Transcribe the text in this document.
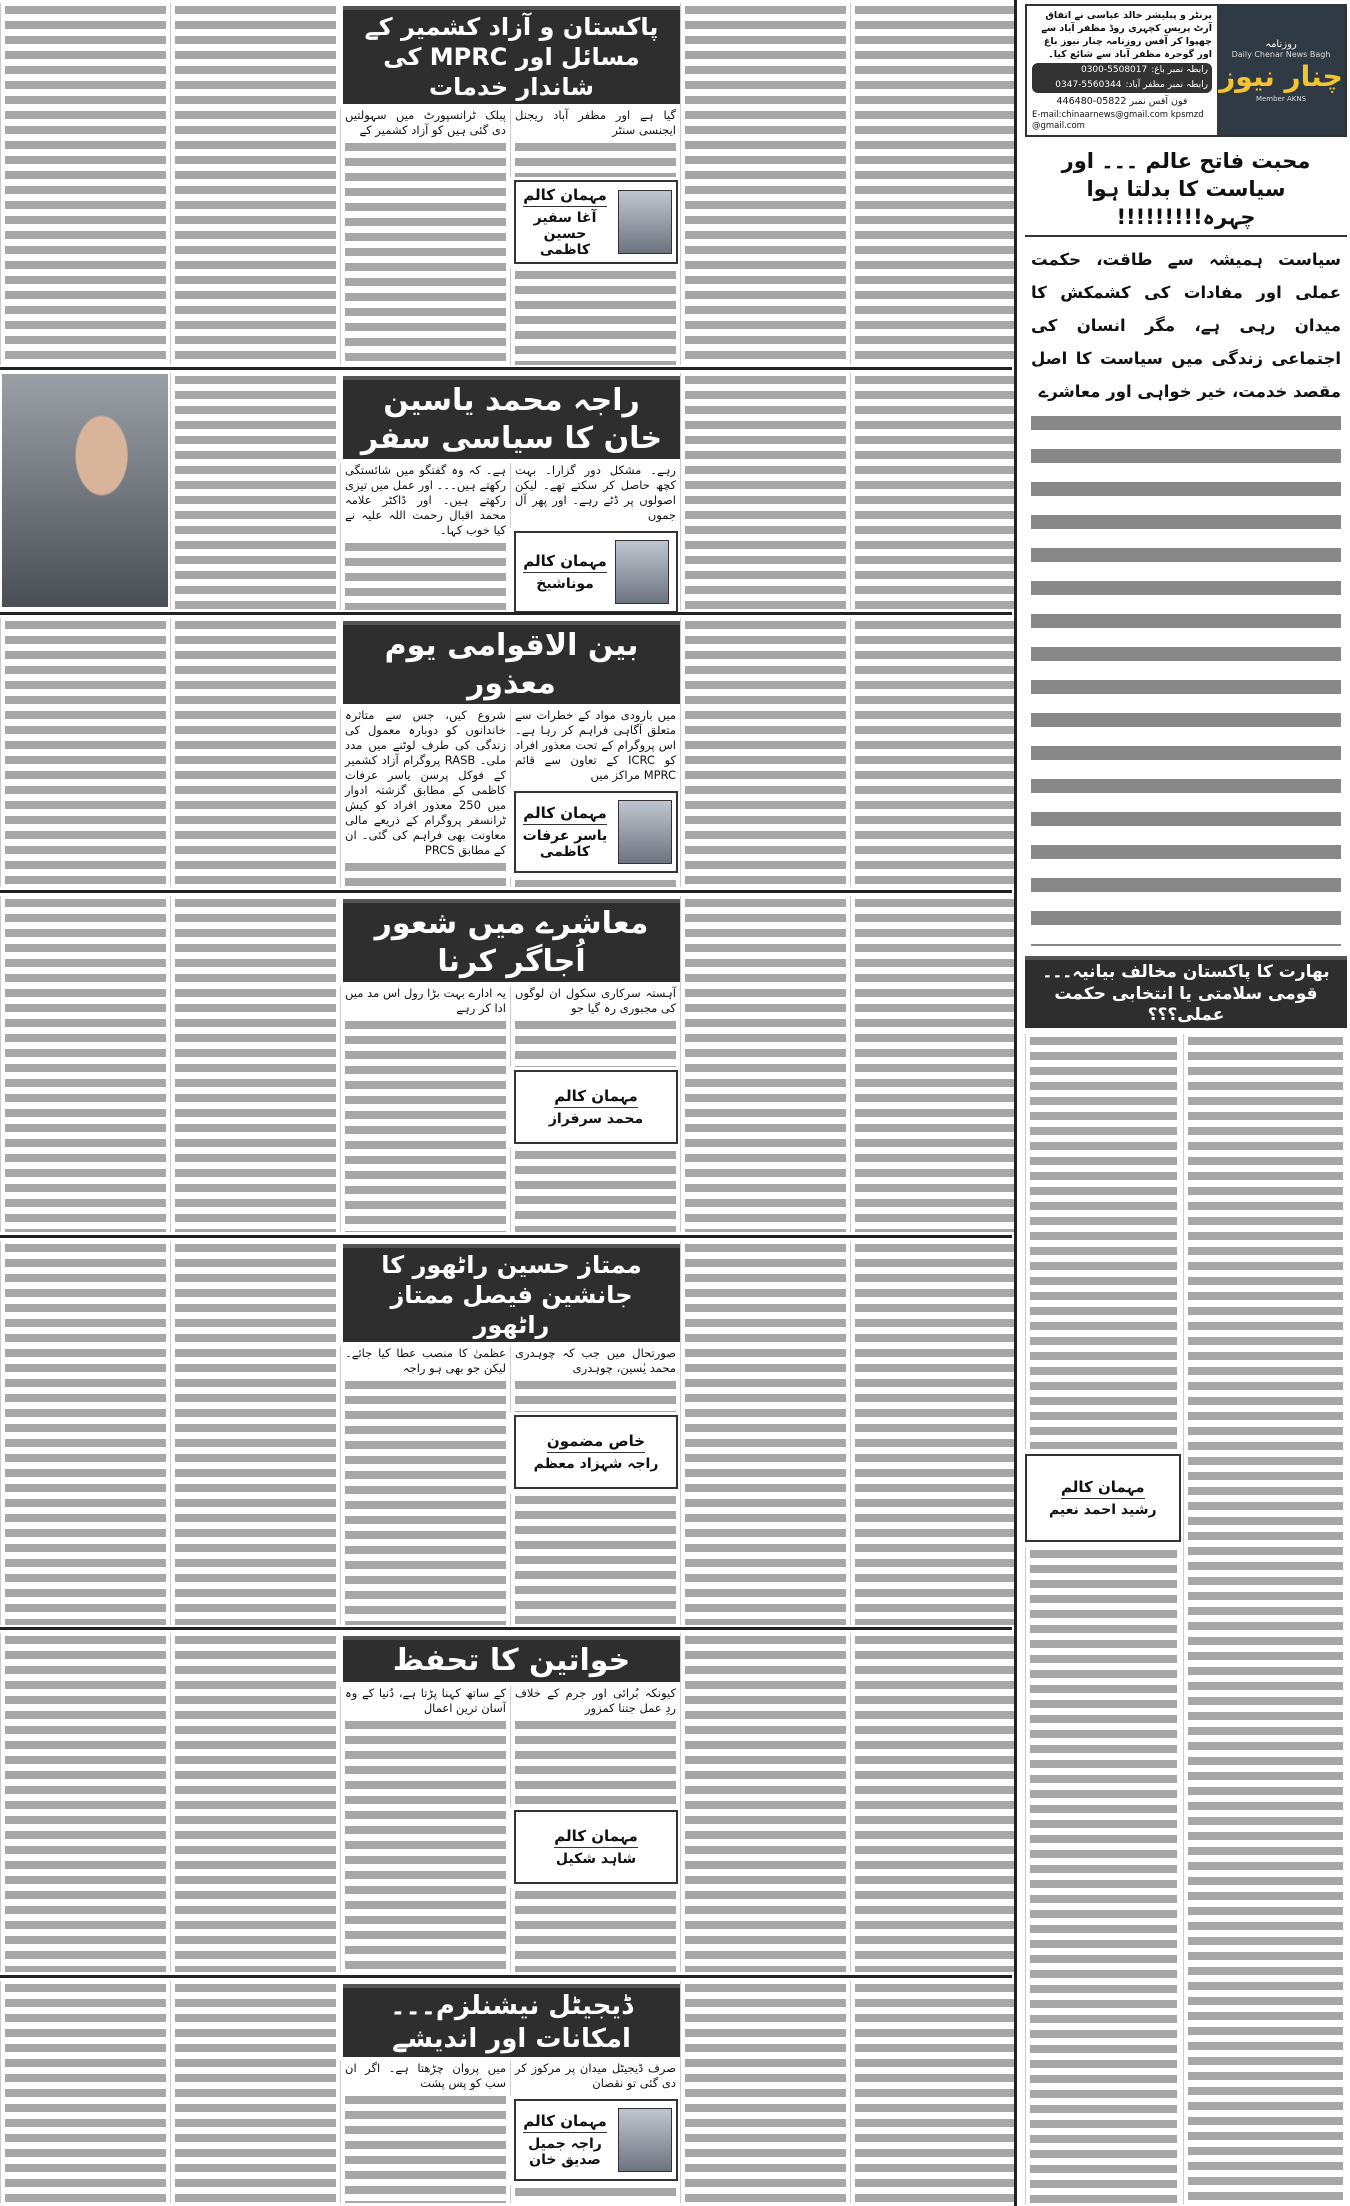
پرنٹر و پبلیشر خالد عباسی نے اتفاق آرٹ پریس کچہری روڈ مظفر آباد سے چھپوا کر آفس روزنامہ چنار نیوز باغ اور گوجرہ مظفر آباد سے شائع کیا۔
رابطہ نمبر باغ:
0300-5508017
رابطہ نمبر مظفر آباد:
0347-5560344
فون آفس نمبر 05822-446480
E-mail:chinaarnews@gmail.com kpsmzd@gmail.com
روزنامہ
Daily Chenar News Bagh
چنار نیوز
Member AKNS
محبت فاتح عالم ۔۔۔ اور سیاست کا بدلتا ہوا چہرہ!!!!!!!!!

سیاست ہمیشہ سے طاقت، حکمت عملی اور مفادات کی کشمکش کا میدان رہی ہے، مگر انسان کی اجتماعی زندگی میں سیاست کا اصل مقصد خدمت، خیر خواہی اور معاشرے

بھارت کا پاکستان مخالف بیانیہ۔۔۔ قومی سلامتی یا انتخابی حکمت عملی؟؟؟
مہمان کالم
رشید احمد نعیم
پاکستان و آزاد کشمیر کے مسائل اور MPRC کی شاندار خدمات

گیا ہے اور مظفر آباد ریجنل ایجنسی سنٹر

مہمان کالم
آغا سفیر حسین کاظمی

پبلک ٹرانسپورٹ میں سہولتیں دی گئی ہیں کو آزاد کشمیر کے

راجہ محمد یاسین خان کا سیاسی سفر

رہے۔ مشکل دور گزارا۔ بہت کچھ حاصل کر سکتے تھے۔ لیکن اصولوں پر ڈٹے رہے۔ اور پھر آل جموں

مہمان کالم
موناشیخ

ہے۔ کہ وہ گفتگو میں شائستگی رکھتے ہیں۔۔۔ اور عمل میں تیزی رکھتے ہیں۔ اور ڈاکٹر علامہ محمد اقبال رحمت اللہ علیہ نے کیا خوب کہا۔

بین الاقوامی یوم معذور

میں بارودی مواد کے خطرات سے متعلق آگاہی فراہم کر رہا ہے۔ اس پروگرام کے تحت معذور افراد کو ICRC کے تعاون سے قائم MPRC مراکز میں

مہمان کالم
یاسر عرفات کاظمی

شروع کیں، جس سے متاثرہ خاندانوں کو دوبارہ معمول کی زندگی کی طرف لوٹنے میں مدد ملی۔ RASB پروگرام آزاد کشمیر کے فوکل پرسن یاسر عرفات کاظمی کے مطابق گزشتہ ادوار میں 250 معذور افراد کو کیش ٹرانسفر پروگرام کے ذریعے مالی معاونت بھی فراہم کی گئی۔ ان کے مطابق PRCS

معاشرے میں شعور اُجاگر کرنا

آہستہ سرکاری سکول ان لوگوں کی مجبوری رہ گیا جو

مہمان کالم
محمد سرفراز

یہ ادارے بہت بڑا رول اس مد میں ادا کر رہے

ممتاز حسین راٹھور کا جانشین فیصل ممتاز راٹھور

صورتحال میں جب کہ چوہدری محمد یٰسین، چوہدری

خاص مضمون
راجہ شہزاد معظم

عظمیٰ کا منصب عطا کیا جائے۔ لیکن جو بھی ہو راجہ

خواتین کا تحفظ

کیونکہ بُرائی اور جرم کے خلاف ردِ عمل جتنا کمزور

مہمان کالم
شاہد شکیل

کے ساتھ کہنا پڑتا ہے، دُنیا کے وہ آسان ترین اعمال

ڈیجیٹل نیشنلزم۔۔۔ امکانات اور اندیشے

صرف ڈیجیٹل میدان پر مرکوز کر دی گئی تو نقصان

مہمان کالم
راجہ جمیل صدیق خان

میں پروان چڑھتا ہے۔ اگر ان سب کو پس پشت
